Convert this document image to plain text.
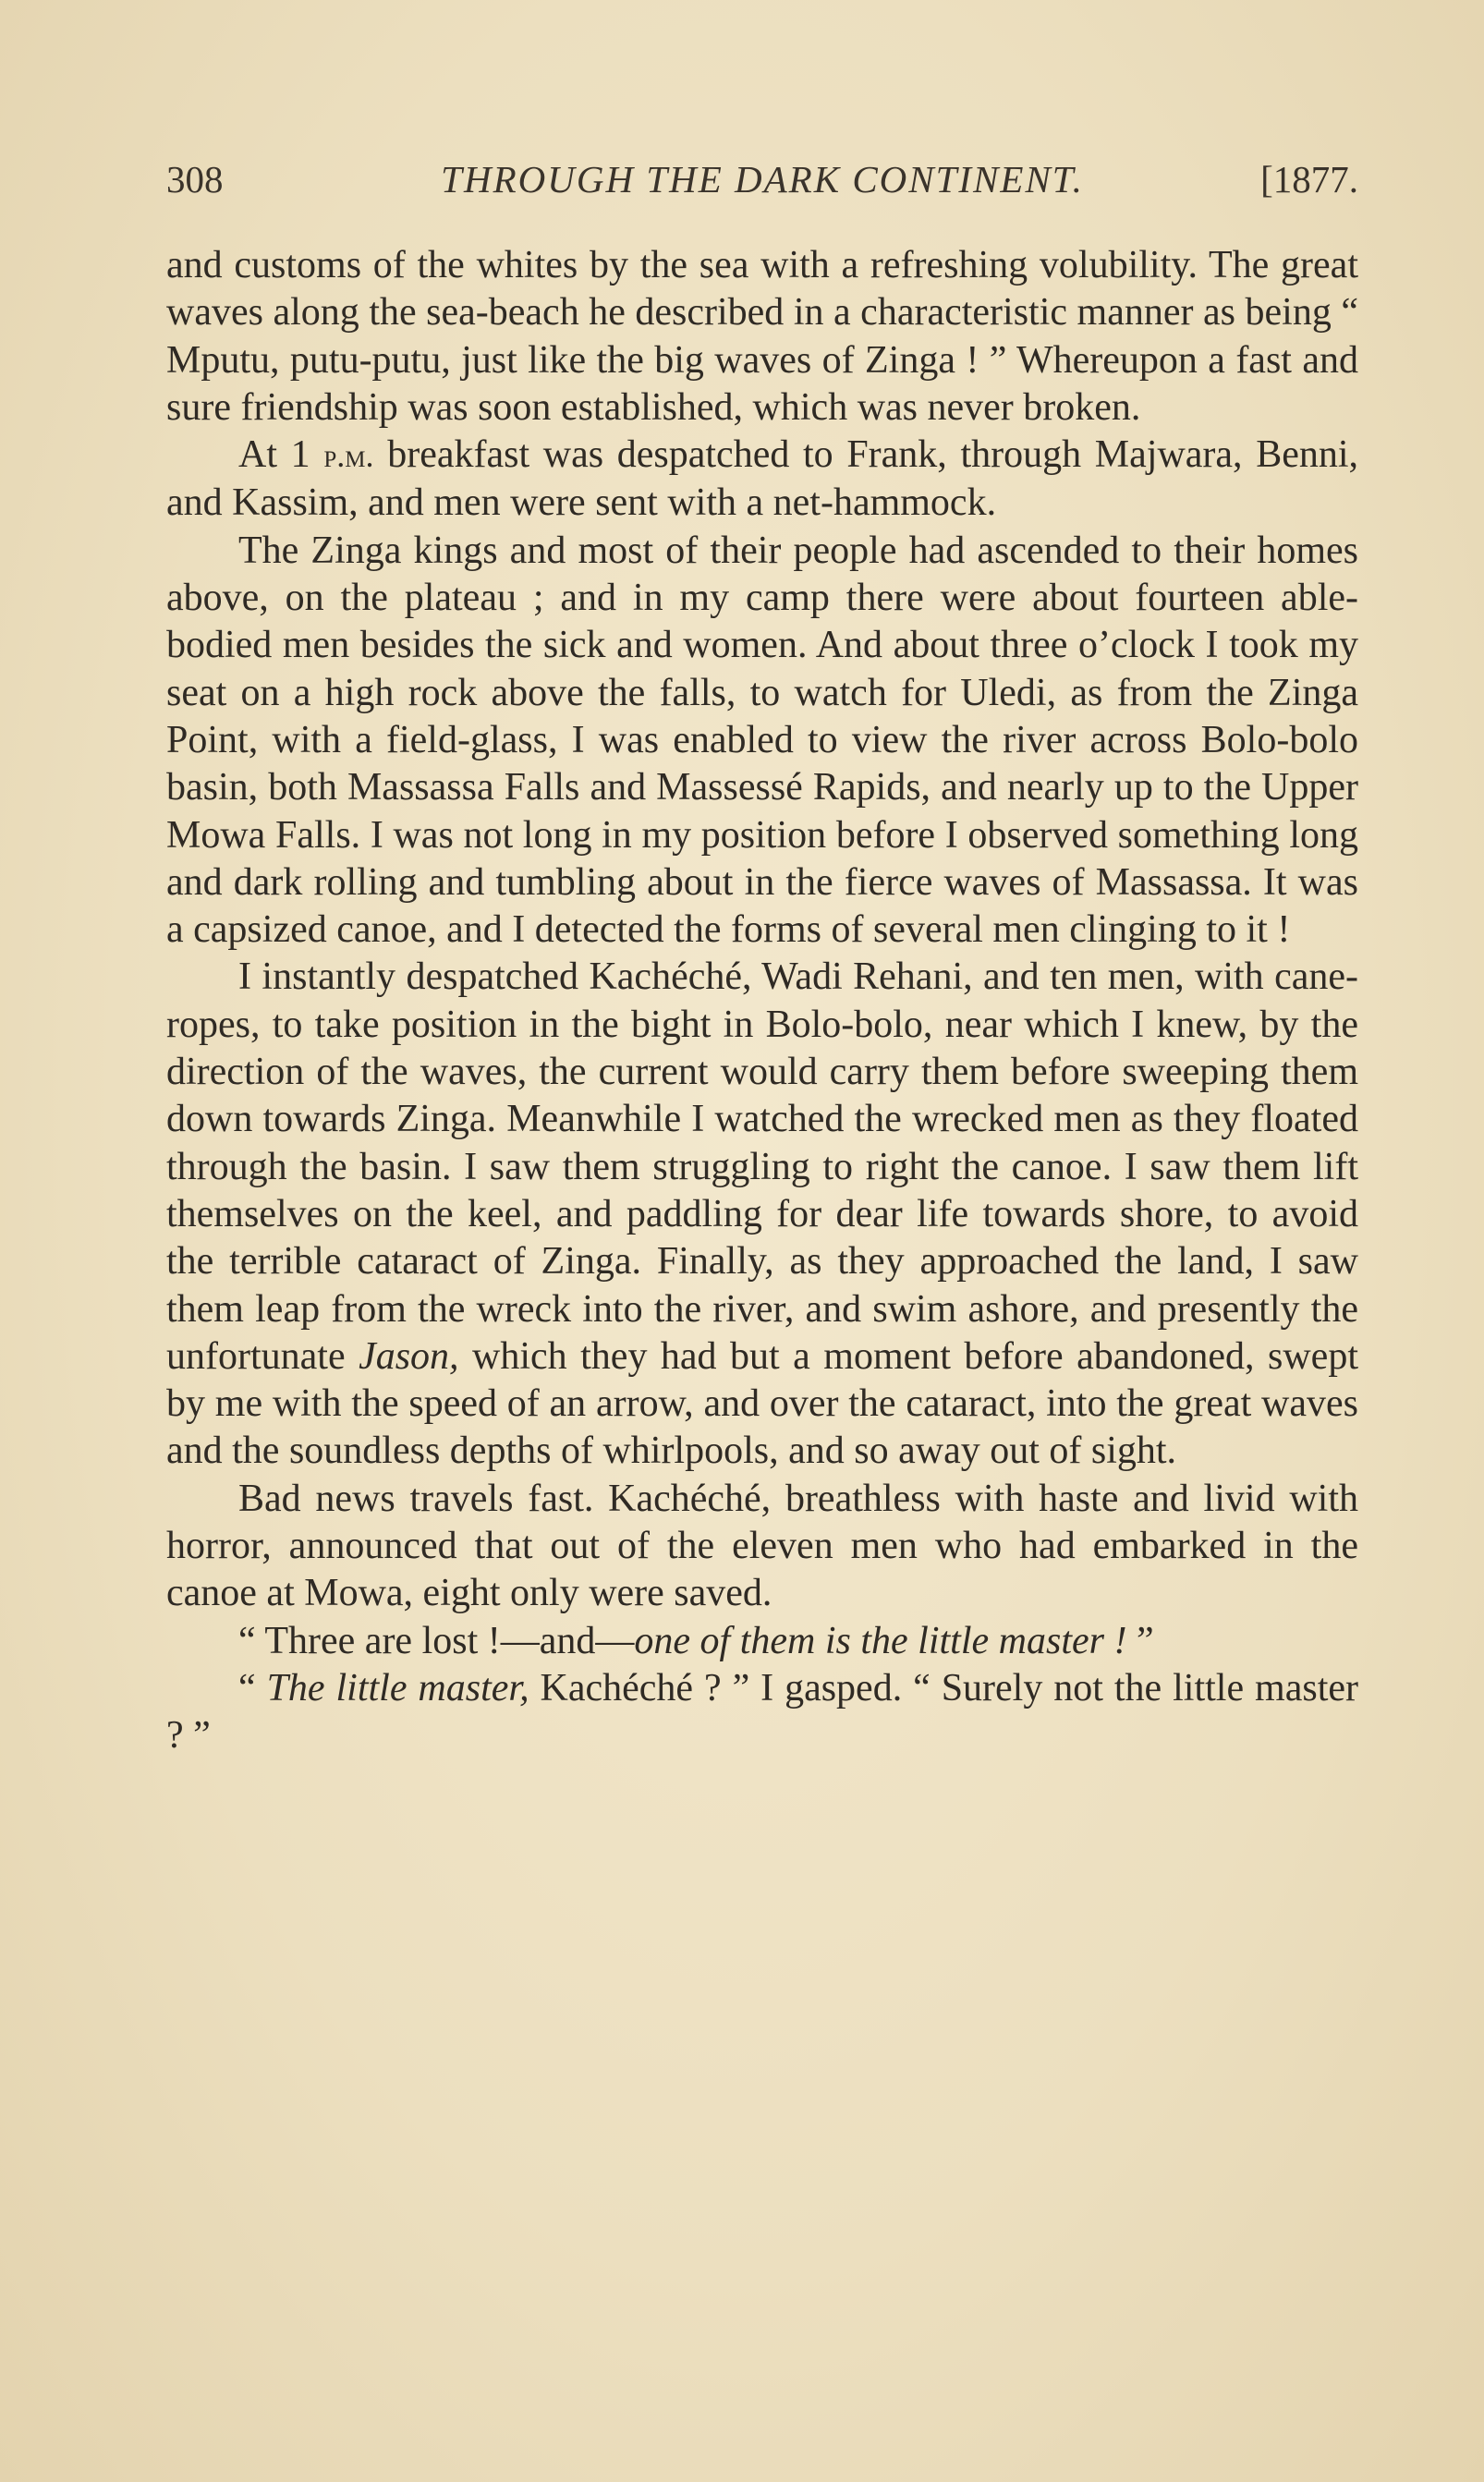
308	THROUGH THE DARK CONTINENT.	[1877.

and customs of the whites by the sea with a refreshing volubility. The great waves along the sea-beach he described in a characteristic manner as being “ Mputu, putu-putu, just like the big waves of Zinga ! ” Whereupon a fast and sure friendship was soon established, which was never broken.

At 1 p.m. breakfast was despatched to Frank, through Majwara, Benni, and Kassim, and men were sent with a net-hammock.

The Zinga kings and most of their people had ascended to their homes above, on the plateau ; and in my camp there were about fourteen able-bodied men besides the sick and women. And about three o’clock I took my seat on a high rock above the falls, to watch for Uledi, as from the Zinga Point, with a field-glass, I was enabled to view the river across Bolo-bolo basin, both Massassa Falls and Massessé Rapids, and nearly up to the Upper Mowa Falls. I was not long in my position before I observed something long and dark rolling and tumbling about in the fierce waves of Massassa. It was a capsized canoe, and I detected the forms of several men clinging to it !

I instantly despatched Kachéché, Wadi Rehani, and ten men, with cane-ropes, to take position in the bight in Bolo-bolo, near which I knew, by the direction of the waves, the current would carry them before sweeping them down towards Zinga. Meanwhile I watched the wrecked men as they floated through the basin. I saw them struggling to right the canoe. I saw them lift themselves on the keel, and paddling for dear life towards shore, to avoid the terrible cataract of Zinga. Finally, as they approached the land, I saw them leap from the wreck into the river, and swim ashore, and presently the unfortunate Jason, which they had but a moment before abandoned, swept by me with the speed of an arrow, and over the cataract, into the great waves and the soundless depths of whirlpools, and so away out of sight.

Bad news travels fast. Kachéché, breathless with haste and livid with horror, announced that out of the eleven men who had embarked in the canoe at Mowa, eight only were saved.

“ Three are lost !—and—one of them is the little master ! ”

“ The little master, Kachéché ? ” I gasped. “ Surely not the little master ? ”
